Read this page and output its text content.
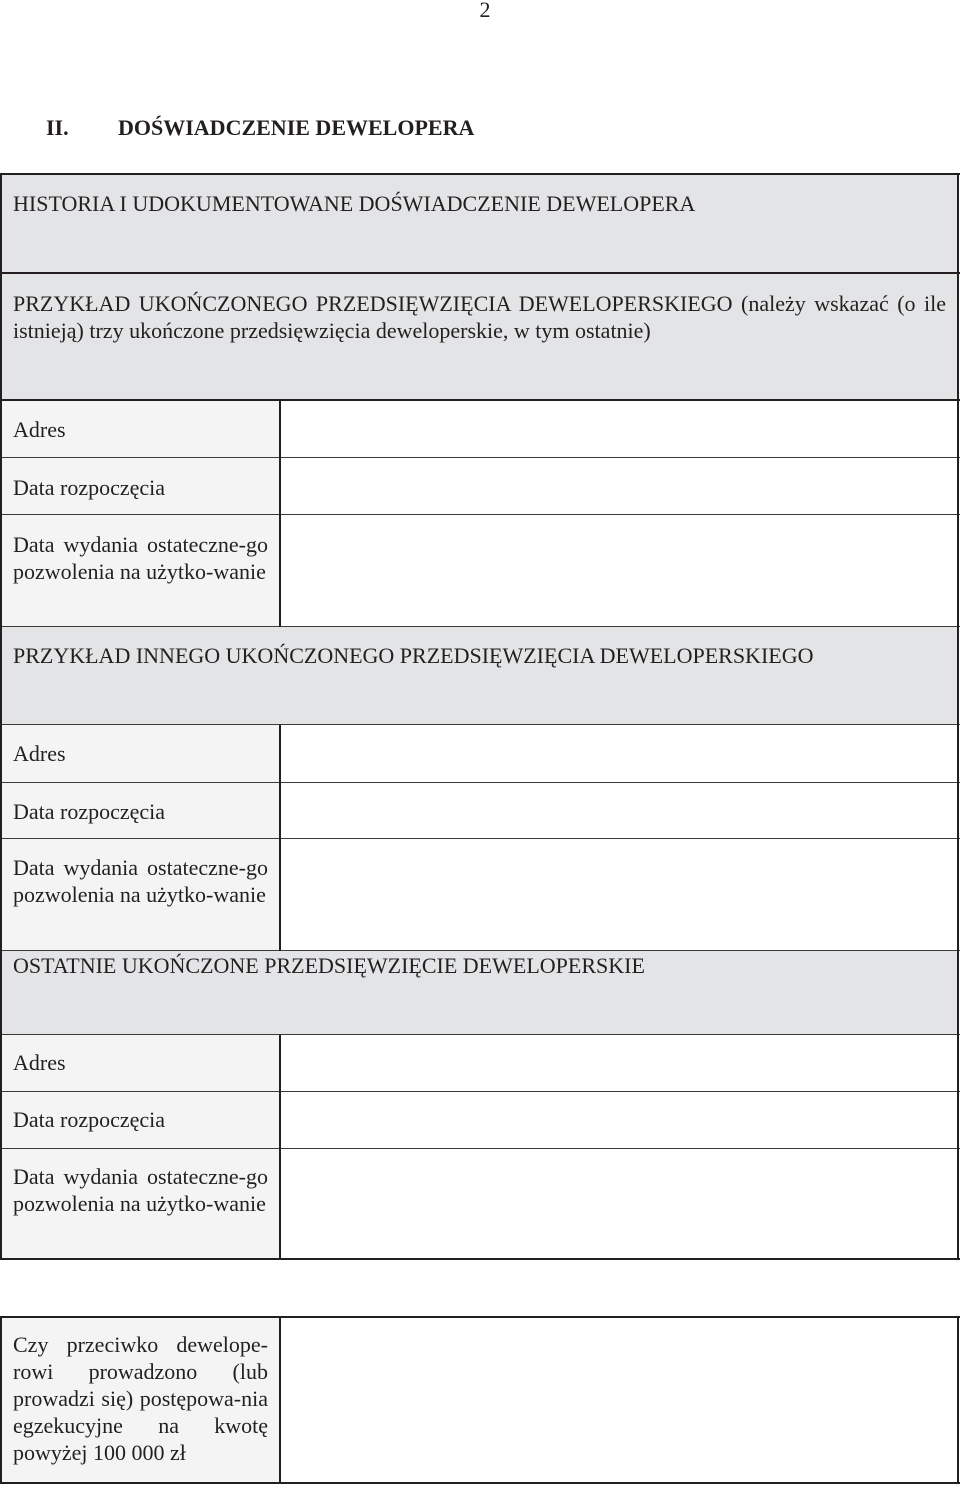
2
II. DOŚWIADCZENIE DEWELOPERA
HISTORIA I UDOKUMENTOWANE DOŚWIADCZENIE DEWELOPERA
PRZYKŁAD UKOŃCZONEGO PRZEDSIĘWZIĘCIA DEWELOPERSKIEGO (należy wskazać (o ile istnieją) trzy ukończone przedsięwzięcia deweloperskie, w tym ostatnie)
Adres
Data rozpoczęcia
Data wydania ostateczne-go pozwolenia na użytko-wanie
PRZYKŁAD INNEGO UKOŃCZONEGO PRZEDSIĘWZIĘCIA DEWELOPERSKIEGO
Adres
Data rozpoczęcia
Data wydania ostateczne-go pozwolenia na użytko-wanie
OSTATNIE UKOŃCZONE PRZEDSIĘWZIĘCIE DEWELOPERSKIE
Adres
Data rozpoczęcia
Data wydania ostateczne-go pozwolenia na użytko-wanie
Czy przeciwko dewelope-rowi prowadzono (lub prowadzi się) postępowa-nia egzekucyjne na kwotę powyżej 100 000 zł
